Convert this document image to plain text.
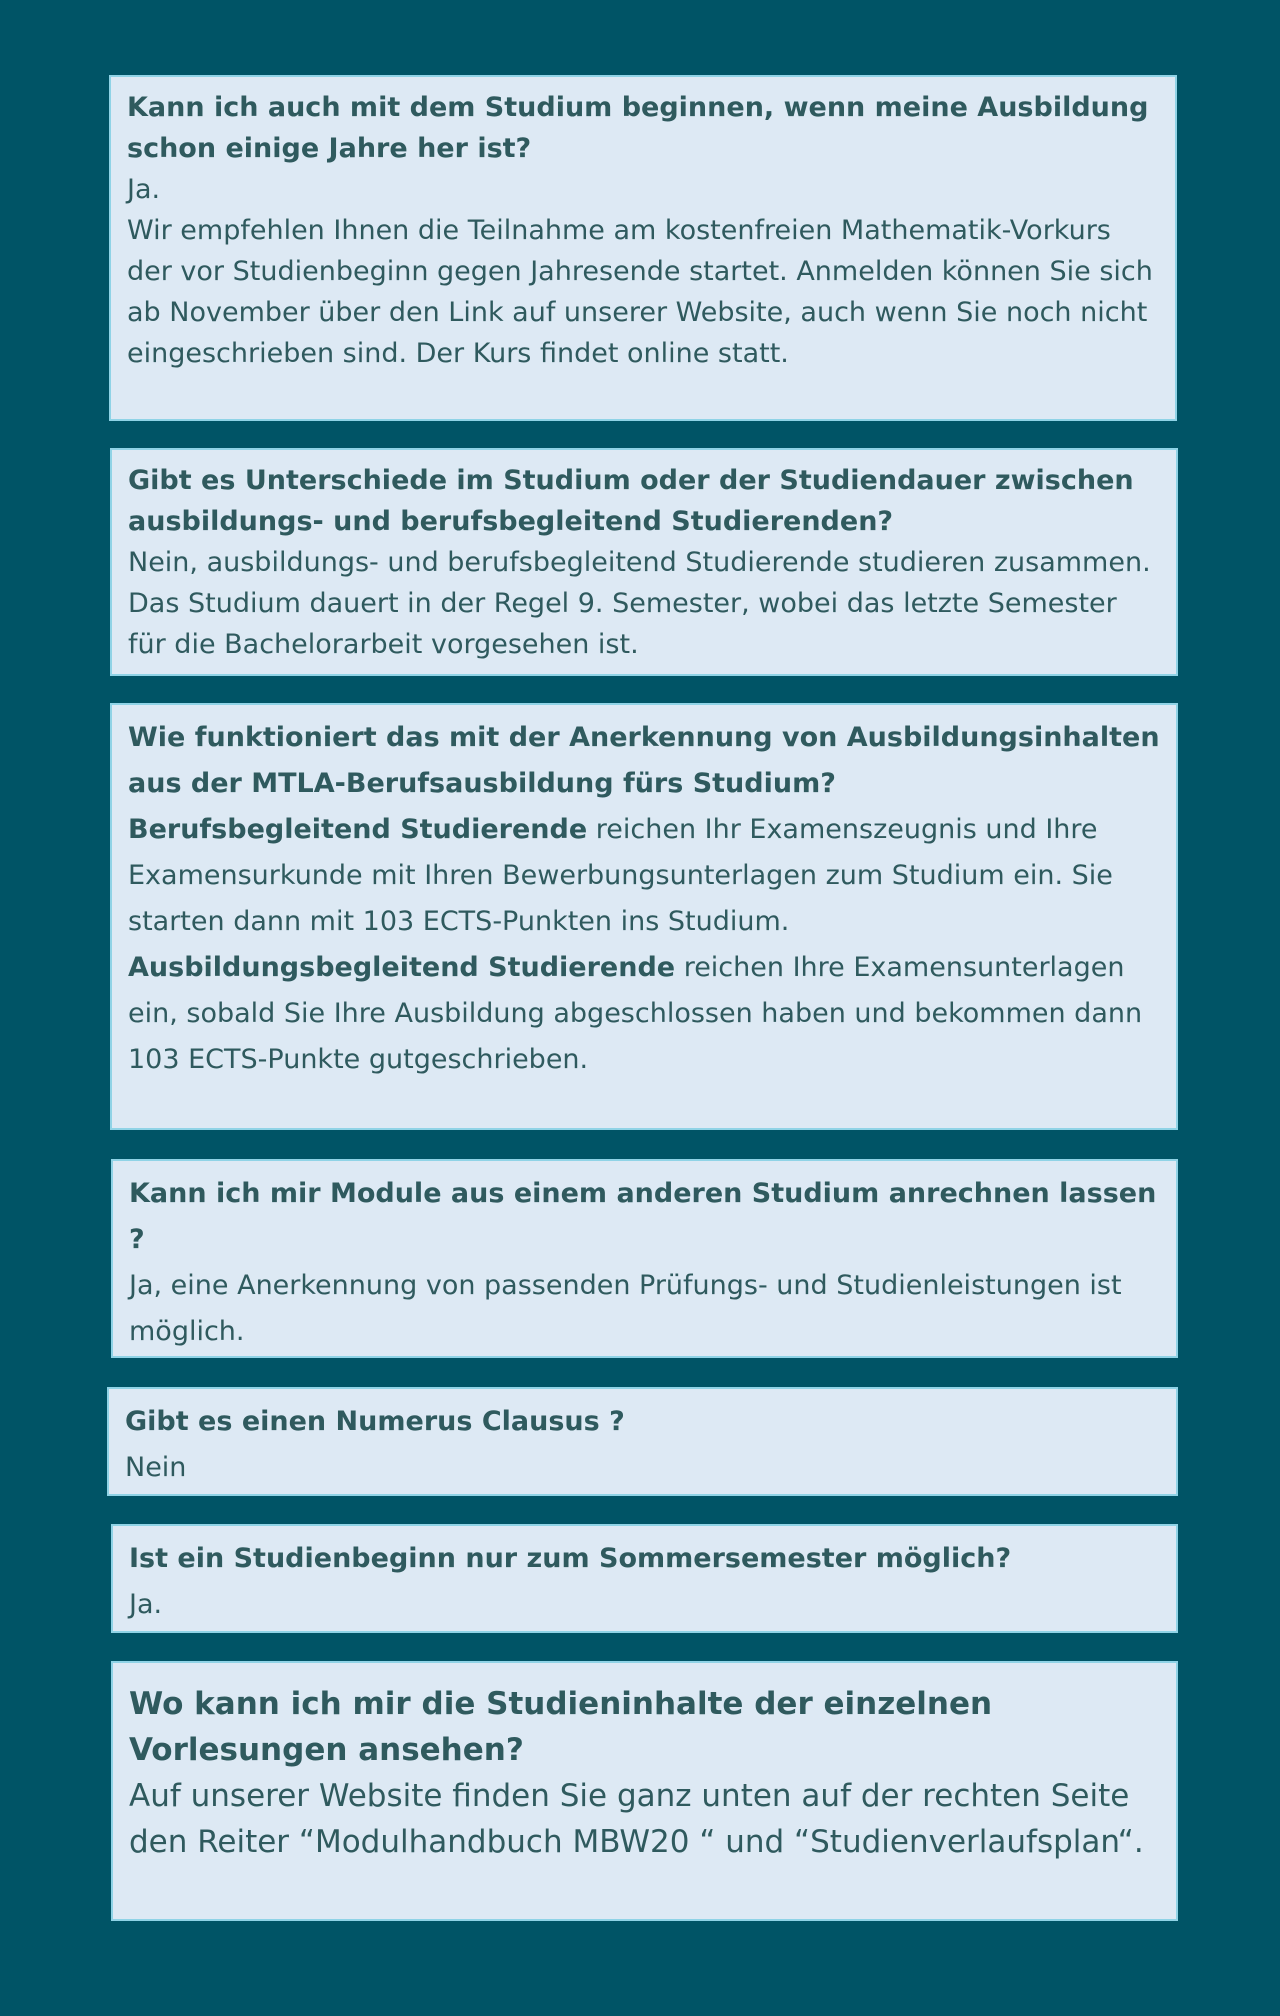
Kann ich auch mit dem Studium beginnen, wenn meine Ausbildung schon einige Jahre her ist?

Ja.
Wir empfehlen Ihnen die Teilnahme am kostenfreien Mathematik-Vorkurs der vor Studienbeginn gegen Jahresende startet. Anmelden können Sie sich ab November über den Link auf unserer Website, auch wenn Sie noch nicht eingeschrieben sind. Der Kurs findet online statt.

Gibt es Unterschiede im Studium oder der Studiendauer zwischen ausbildungs- und berufsbegleitend Studierenden?

Nein, ausbildungs- und berufsbegleitend Studierende studieren zusammen. Das Studium dauert in der Regel 9. Semester, wobei das letzte Semester für die Bachelorarbeit vorgesehen ist.

Wie funktioniert das mit der Anerkennung von Ausbildungsinhalten aus der MTLA-Berufsausbildung fürs Studium?

Berufsbegleitend Studierende reichen Ihr Examenszeugnis und Ihre Examensurkunde mit Ihren Bewerbungsunterlagen zum Studium ein. Sie starten dann mit 103 ECTS-Punkten ins Studium.
Ausbildungsbegleitend Studierende reichen Ihre Examensunterlagen ein, sobald Sie Ihre Ausbildung abgeschlossen haben und bekommen dann 103 ECTS-Punkte gutgeschrieben.

Kann ich mir Module aus einem anderen Studium anrechnen lassen ?

Ja, eine Anerkennung von passenden Prüfungs- und Studienleistungen ist möglich.

Gibt es einen Numerus Clausus ?

Nein

Ist ein Studienbeginn nur zum Sommersemester möglich?

Ja.

Wo kann ich mir die Studieninhalte der einzelnen Vorlesungen ansehen?

Auf unserer Website finden Sie ganz unten auf der rechten Seite den Reiter “Modulhandbuch MBW20 “ und “Studienverlaufsplan“.
